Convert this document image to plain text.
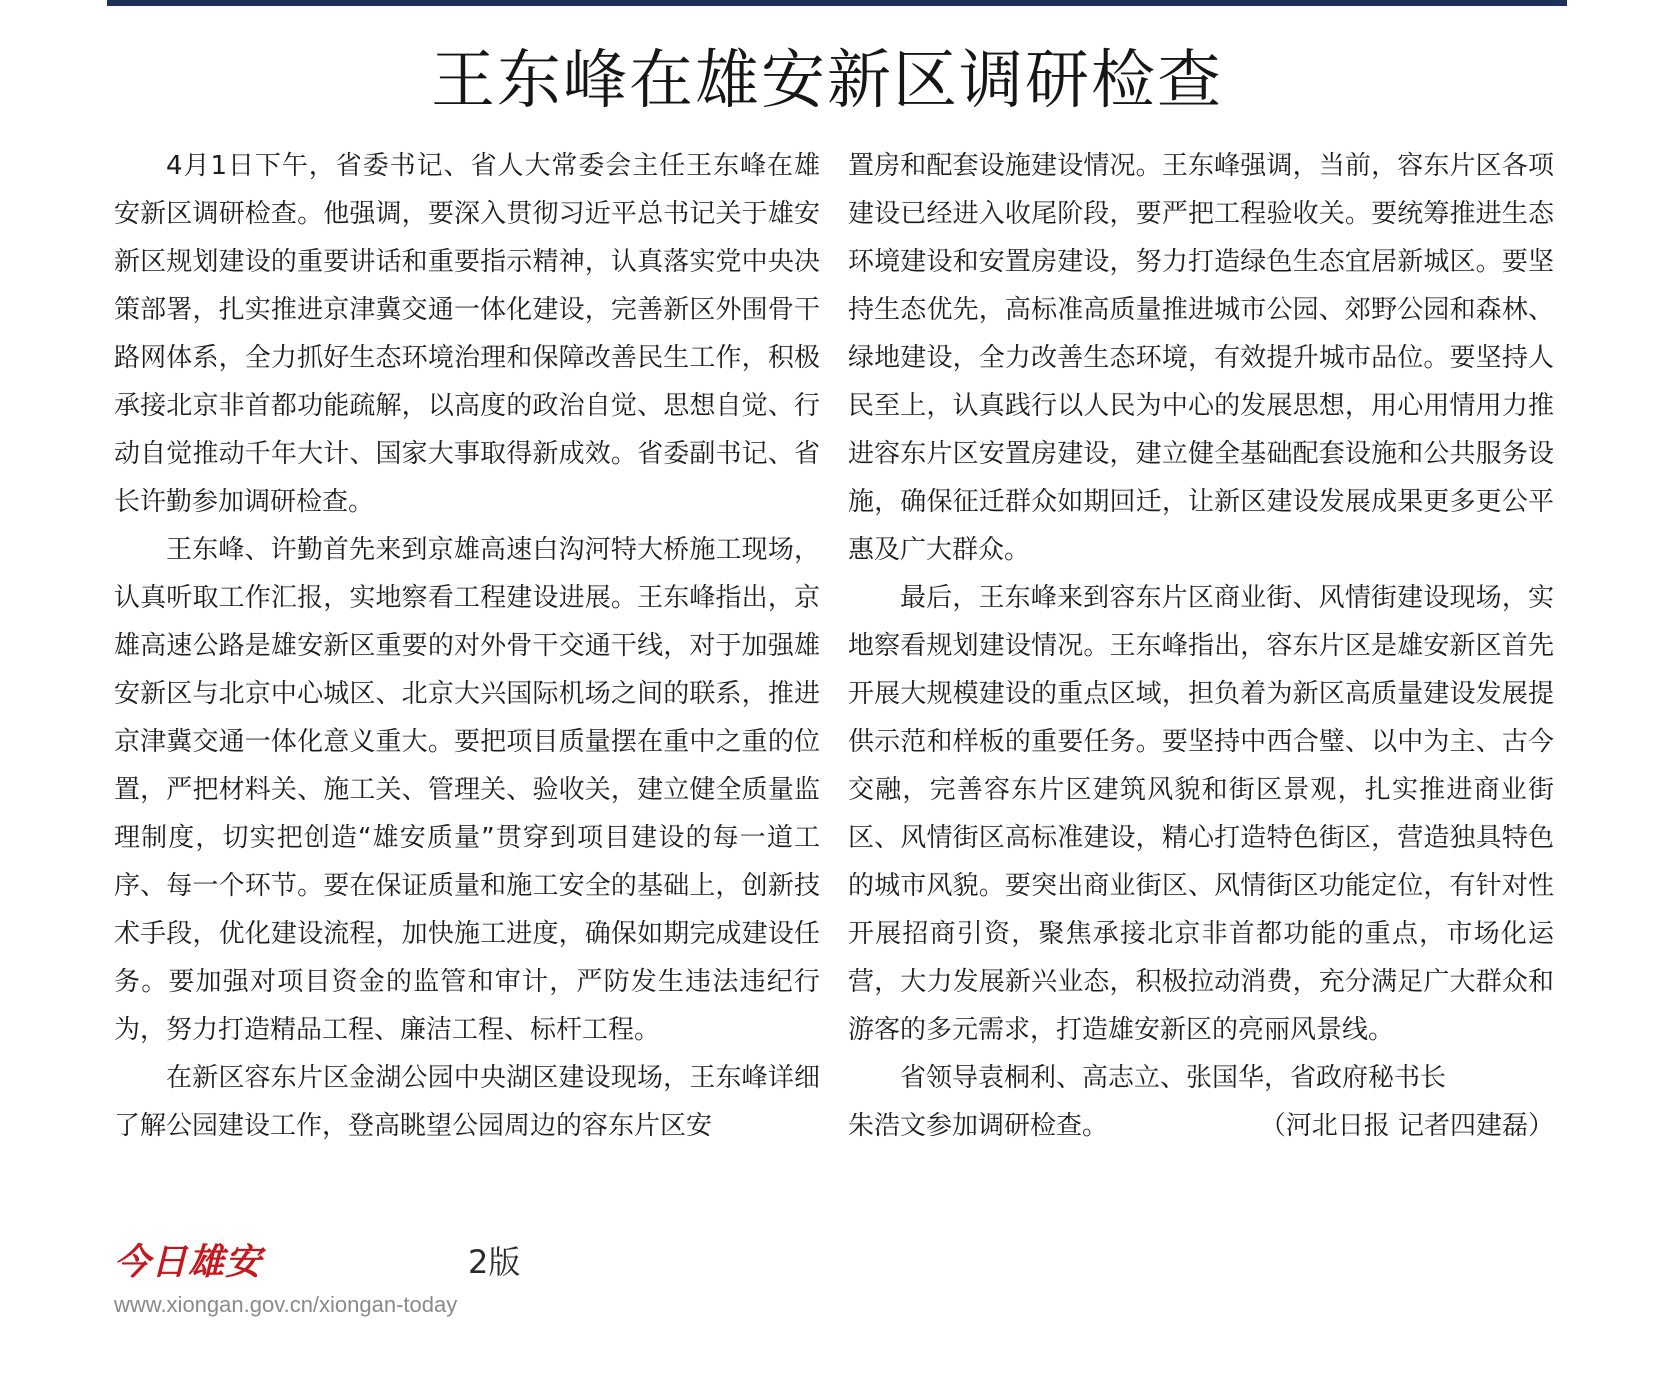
王东峰在雄安新区调研检查

4月1日下午，省委书记、省人大常委会主任王东峰在雄安新区调研检查。他强调，要深入贯彻习近平总书记关于雄安新区规划建设的重要讲话和重要指示精神，认真落实党中央决策部署，扎实推进京津冀交通一体化建设，完善新区外围骨干路网体系，全力抓好生态环境治理和保障改善民生工作，积极承接北京非首都功能疏解，以高度的政治自觉、思想自觉、行动自觉推动千年大计、国家大事取得新成效。省委副书记、省长许勤参加调研检查。

王东峰、许勤首先来到京雄高速白沟河特大桥施工现场，认真听取工作汇报，实地察看工程建设进展。王东峰指出，京雄高速公路是雄安新区重要的对外骨干交通干线，对于加强雄安新区与北京中心城区、北京大兴国际机场之间的联系，推进京津冀交通一体化意义重大。要把项目质量摆在重中之重的位置，严把材料关、施工关、管理关、验收关，建立健全质量监理制度，切实把创造“雄安质量”贯穿到项目建设的每一道工序、每一个环节。要在保证质量和施工安全的基础上，创新技术手段，优化建设流程，加快施工进度，确保如期完成建设任务。要加强对项目资金的监管和审计，严防发生违法违纪行为，努力打造精品工程、廉洁工程、标杆工程。

在新区容东片区金湖公园中央湖区建设现场，王东峰详细了解公园建设工作，登高眺望公园周边的容东片区安

置房和配套设施建设情况。王东峰强调，当前，容东片区各项建设已经进入收尾阶段，要严把工程验收关。要统筹推进生态环境建设和安置房建设，努力打造绿色生态宜居新城区。要坚持生态优先，高标准高质量推进城市公园、郊野公园和森林、绿地建设，全力改善生态环境，有效提升城市品位。要坚持人民至上，认真践行以人民为中心的发展思想，用心用情用力推进容东片区安置房建设，建立健全基础配套设施和公共服务设施，确保征迁群众如期回迁，让新区建设发展成果更多更公平惠及广大群众。

最后，王东峰来到容东片区商业街、风情街建设现场，实地察看规划建设情况。王东峰指出，容东片区是雄安新区首先开展大规模建设的重点区域，担负着为新区高质量建设发展提供示范和样板的重要任务。要坚持中西合璧、以中为主、古今交融，完善容东片区建筑风貌和街区景观，扎实推进商业街区、风情街区高标准建设，精心打造特色街区，营造独具特色的城市风貌。要突出商业街区、风情街区功能定位，有针对性开展招商引资，聚焦承接北京非首都功能的重点，市场化运营，大力发展新兴业态，积极拉动消费，充分满足广大群众和游客的多元需求，打造雄安新区的亮丽风景线。

省领导袁桐利、高志立、张国华，省政府秘书长

朱浩文参加调研检查。	（河北日报 记者四建磊）
今日雄安	2版
www.xiongan.gov.cn/xiongan-today
